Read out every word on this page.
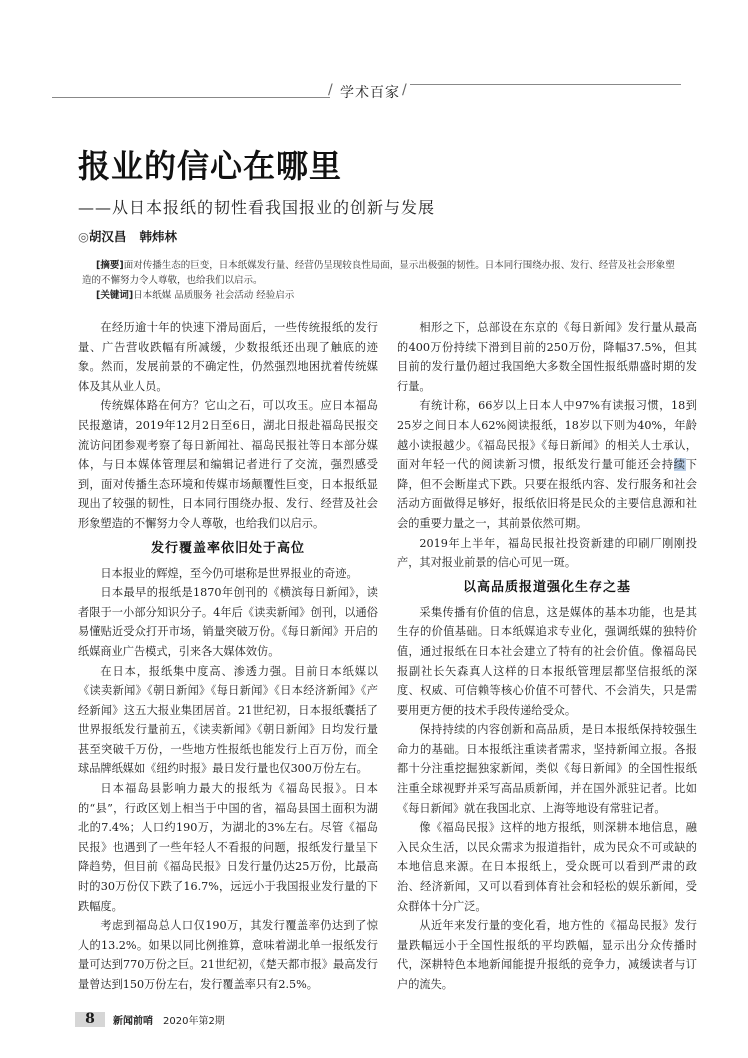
/ 学术百家 /
报业的信心在哪里
——从日本报纸的韧性看我国报业的创新与发展
◎胡汉昌 韩炜林

[摘要]面对传播生态的巨变，日本纸媒发行量、经营仍呈现较良性局面，显示出极强的韧性。日本同行围绕办报、发行、经营及社会形象塑造的不懈努力令人尊敬，也给我们以启示。

[关键词]日本纸媒 品质服务 社会活动 经验启示

在经历逾十年的快速下滑局面后，一些传统报纸的发行量、广告营收跌幅有所减缓，少数报纸还出现了触底的迹象。然而，发展前景的不确定性，仍然强烈地困扰着传统媒体及其从业人员。

传统媒体路在何方？它山之石，可以攻玉。应日本福岛民报邀请，2019年12月2日至6日，湖北日报赴福岛民报交流访问团参观考察了每日新闻社、福岛民报社等日本部分媒体，与日本媒体管理层和编辑记者进行了交流，强烈感受到，面对传播生态环境和传媒市场颠覆性巨变，日本报纸显现出了较强的韧性，日本同行围绕办报、发行、经营及社会形象塑造的不懈努力令人尊敬，也给我们以启示。

发行覆盖率依旧处于高位

日本报业的辉煌，至今仍可堪称是世界报业的奇迹。

日本最早的报纸是1870年创刊的《横滨每日新闻》，读者限于一小部分知识分子。4年后《读卖新闻》创刊，以通俗易懂贴近受众打开市场，销量突破万份。《每日新闻》开启的纸媒商业广告模式，引来各大媒体效仿。

在日本，报纸集中度高、渗透力强。目前日本纸媒以《读卖新闻》《朝日新闻》《每日新闻》《日本经济新闻》《产经新闻》这五大报业集团居首。21世纪初，日本报纸囊括了世界报纸发行量前五，《读卖新闻》《朝日新闻》日均发行量甚至突破千万份，一些地方性报纸也能发行上百万份，而全球品牌纸媒如《纽约时报》最日发行量也仅300万份左右。

日本福岛县影响力最大的报纸为《福岛民报》。日本的“县”，行政区划上相当于中国的省，福岛县国土面积为湖北的7.4%；人口约190万，为湖北的3%左右。尽管《福岛民报》也遇到了一些年轻人不看报的问题，报纸发行量呈下降趋势，但目前《福岛民报》日发行量仍达25万份，比最高时的30万份仅下跌了16.7%，远远小于我国报业发行量的下跌幅度。

考虑到福岛总人口仅190万，其发行覆盖率仍达到了惊人的13.2%。如果以同比例推算，意味着湖北单一报纸发行量可达到770万份之巨。21世纪初，《楚天都市报》最高发行量曾达到150万份左右，发行覆盖率只有2.5%。

相形之下，总部设在东京的《每日新闻》发行量从最高的400万份持续下滑到目前的250万份，降幅37.5%，但其目前的发行量仍超过我国绝大多数全国性报纸鼎盛时期的发行量。

有统计称，66岁以上日本人中97%有读报习惯，18到25岁之间日本人62%阅读报纸，18岁以下则为40%，年龄越小读报越少。《福岛民报》《每日新闻》的相关人士承认，面对年轻一代的阅读新习惯，报纸发行量可能还会持续下降，但不会断崖式下跌。只要在报纸内容、发行服务和社会活动方面做得足够好，报纸依旧将是民众的主要信息源和社会的重要力量之一，其前景依然可期。

2019年上半年，福岛民报社投资新建的印刷厂刚刚投产，其对报业前景的信心可见一斑。

以高品质报道强化生存之基

采集传播有价值的信息，这是媒体的基本功能，也是其生存的价值基础。日本纸媒追求专业化，强调纸媒的独特价值，通过报纸在日本社会建立了特有的社会价值。像福岛民报副社长矢森真人这样的日本报纸管理层都坚信报纸的深度、权威、可信赖等核心价值不可替代、不会消失，只是需要用更方便的技术手段传递给受众。

保持持续的内容创新和高品质，是日本报纸保持较强生命力的基础。日本报纸注重读者需求，坚持新闻立报。各报都十分注重挖掘独家新闻，类似《每日新闻》的全国性报纸注重全球视野并采写高品质新闻，并在国外派驻记者。比如《每日新闻》就在我国北京、上海等地设有常驻记者。

像《福岛民报》这样的地方报纸，则深耕本地信息，融入民众生活，以民众需求为报道指针，成为民众不可或缺的本地信息来源。在日本报纸上，受众既可以看到严肃的政治、经济新闻，又可以看到体育社会和轻松的娱乐新闻，受众群体十分广泛。

从近年来发行量的变化看，地方性的《福岛民报》发行量跌幅远小于全国性报纸的平均跌幅，显示出分众传播时代，深耕特色本地新闻能提升报纸的竞争力，减缓读者与订户的流失。

8	新闻前哨 2020年第2期
